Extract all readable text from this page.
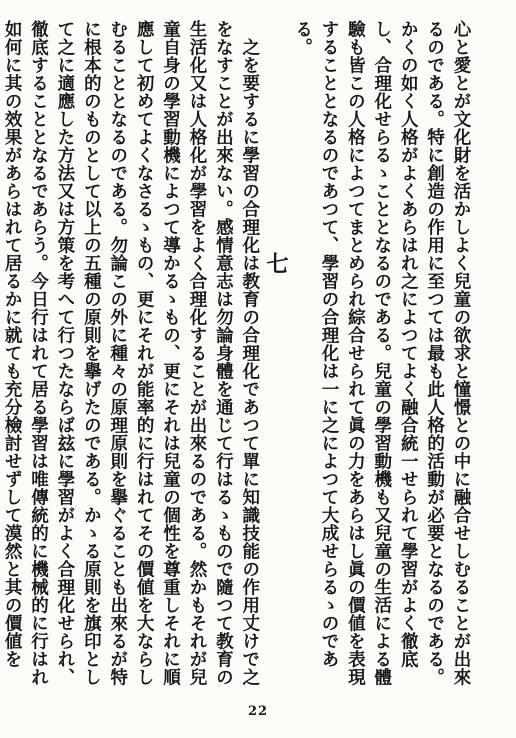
心と愛とが文化財を活かしよく兒童の欲求と憧憬との中に融合せしむることが出來るのである。特に創造の作用に至つては最も此人格的活動が必要となるのである。かくの如く人格がよくあらはれ之によつてよく融合統一せられて學習がよく徹底し、合理化せらるゝこととなるのである。兒童の學習動機も又兒童の生活による體驗も皆この人格によつてまとめられ綜合せられて眞の力をあらはし眞の價値を表現することとなるのであつて、學習の合理化は一に之によつて大成せらるゝのである。

七

之を要するに學習の合理化は教育の合理化であつて單に知識技能の作用丈けで之をなすことが出來ない。感情意志は勿論身體を通じて行はるゝもので隨つて教育の生活化又は人格化が學習をよく合理化することが出來るのである。然かもそれが兒童自身の學習動機によつて導かるゝもの、更にそれは兒童の個性を尊重しそれに順應して初めてよくなさるゝもの、更にそれが能率的に行はれてその價値を大ならしむることとなるのである。勿論この外に種々の原理原則を擧ぐることも出來るが特に根本的のものとして以上の五種の原則を擧げたのである。かゝる原則を旗印として之に適應した方法又は方策を考へて行つたならば玆に學習がよく合理化せられ、徹底することとなるであらう。今日行はれて居る學習は唯傳統的に機械的に行はれ如何に其の效果があらはれて居るかに就ても充分檢討せずして漠然と其の價値を

22
